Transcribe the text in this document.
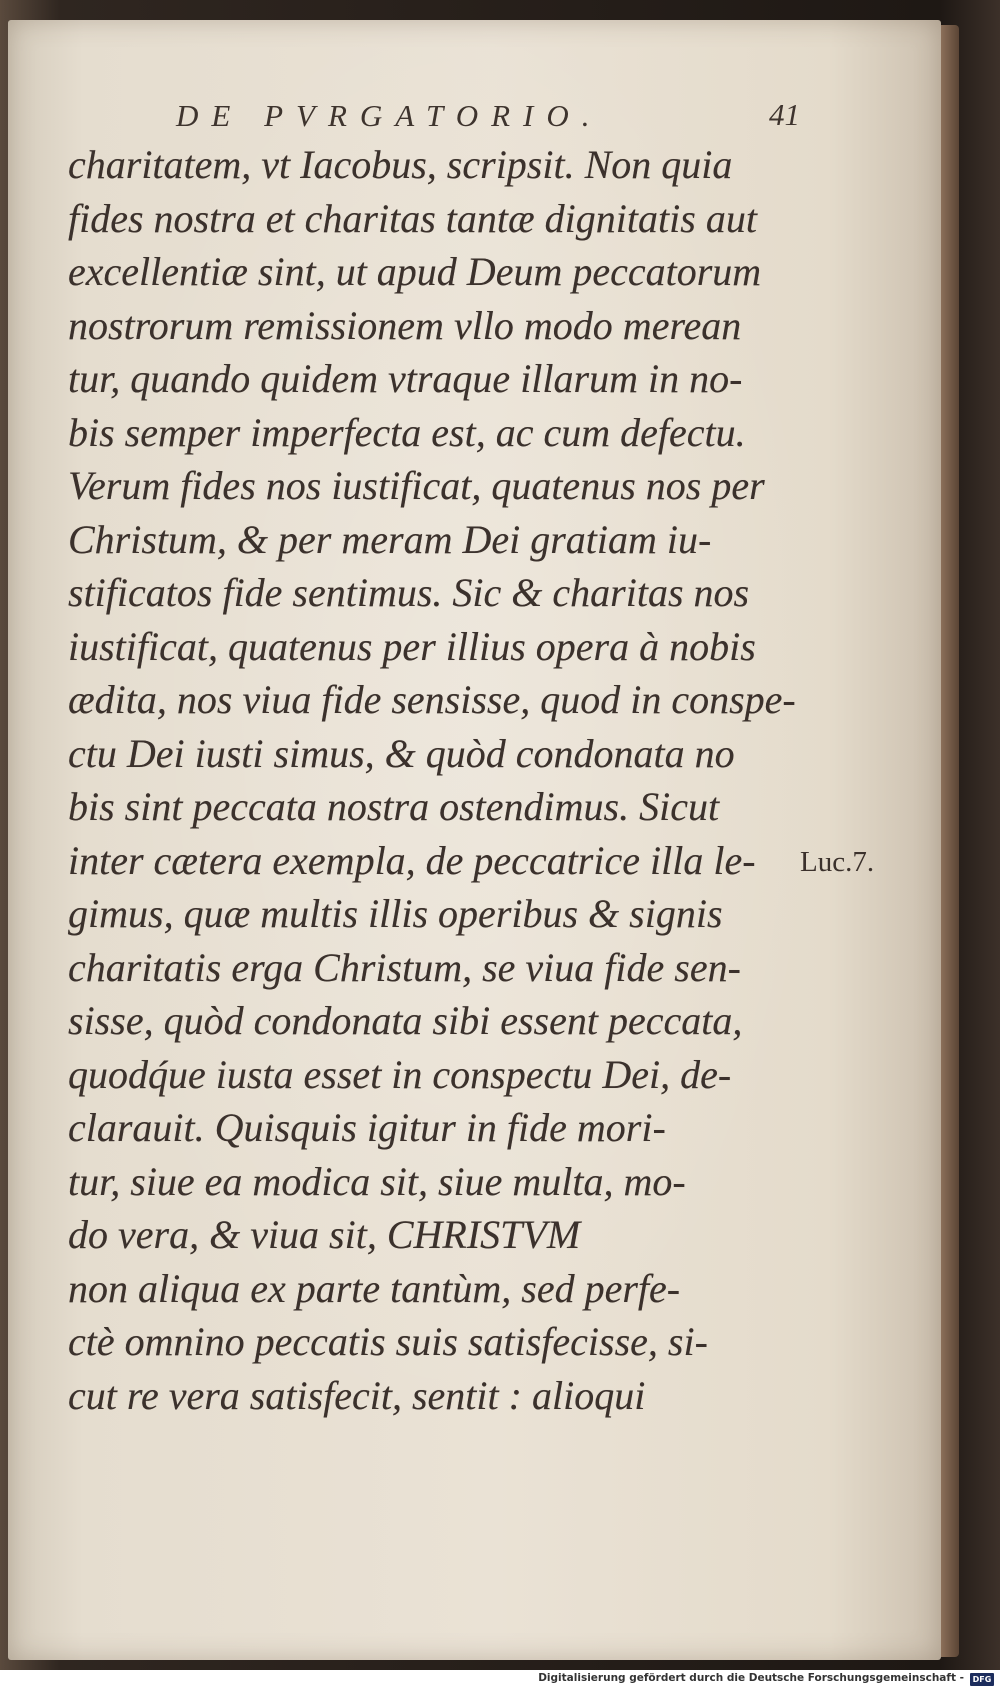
DE PVRGATORIO.	41
charitatem, vt Iacobus, scripsit. Non quia
fides nostra et charitas tantæ dignitatis aut
excellentiæ sint, ut apud Deum peccatorum
nostrorum remissionem vllo modo merean
tur, quando quidem vtraque illarum in no-
bis semper imperfecta est, ac cum defectu.
Verum fides nos iustificat, quatenus nos per
Christum, & per meram Dei gratiam iu-
stificatos fide sentimus. Sic & charitas nos
iustificat, quatenus per illius opera à nobis
ædita, nos viua fide sensisse, quod in conspe-
ctu Dei iusti simus, & quòd condonata no
bis sint peccata nostra ostendimus. Sicut
inter cætera exempla, de peccatrice illa le-
gimus, quæ multis illis operibus & signis
charitatis erga Christum, se viua fide sen-
sisse, quòd condonata sibi essent peccata,
quodq́ue iusta esset in conspectu Dei, de-
clarauit. Quisquis igitur in fide mori-
tur, siue ea modica sit, siue multa, mo-
do vera, & viua sit, CHRISTVM
non aliqua ex parte tantùm, sed perfe-
ctè omnino peccatis suis satisfecisse, si-
cut re vera satisfecit, sentit : alioqui
Luc.7.
Digitalisierung gefördert durch die Deutsche Forschungsgemeinschaft -	DFG
